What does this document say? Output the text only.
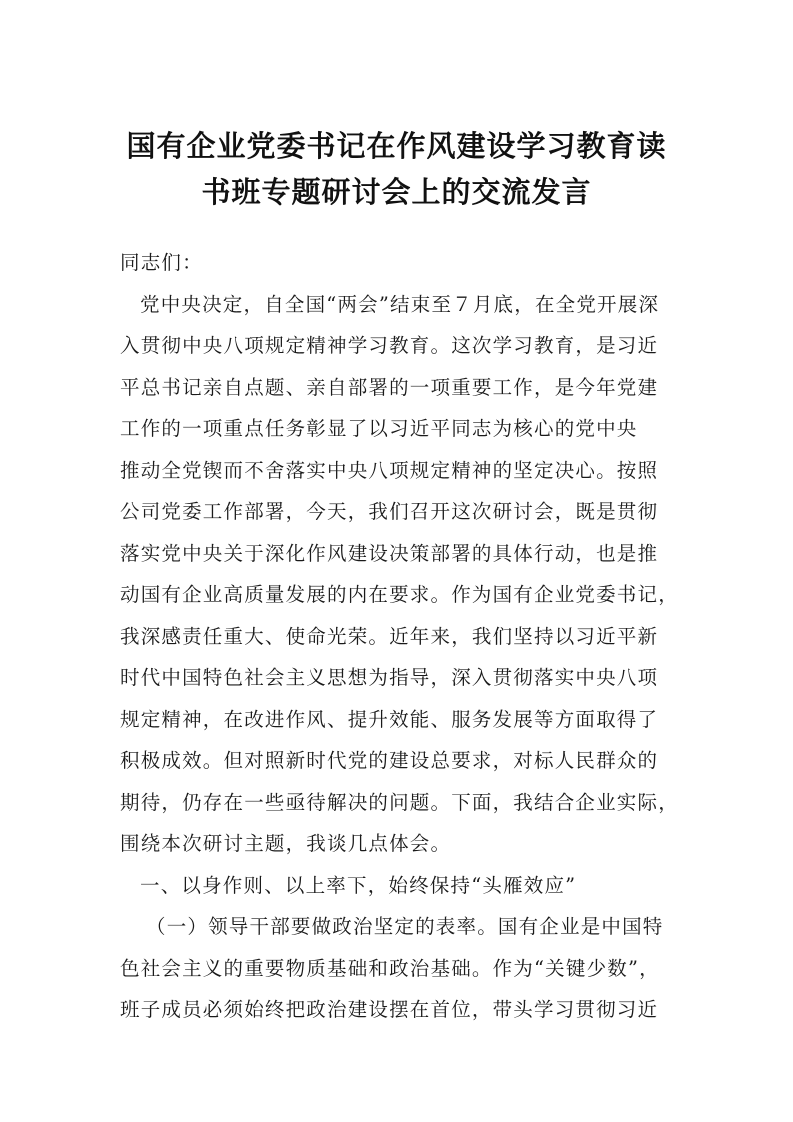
国有企业党委书记在作风建设学习教育读
书班专题研讨会上的交流发言
同志们：
党中央决定，自全国“两会”结束至７月底，在全党开展深
入贯彻中央八项规定精神学习教育。这次学习教育，是习近
平总书记亲自点题、亲自部署的一项重要工作，是今年党建
工作的一项重点任务彰显了以习近平同志为核心的党中央
推动全党锲而不舍落实中央八项规定精神的坚定决心。按照
公司党委工作部署，今天，我们召开这次研讨会，既是贯彻
落实党中央关于深化作风建设决策部署的具体行动，也是推
动国有企业高质量发展的内在要求。作为国有企业党委书记，
我深感责任重大、使命光荣。近年来，我们坚持以习近平新
时代中国特色社会主义思想为指导，深入贯彻落实中央八项
规定精神，在改进作风、提升效能、服务发展等方面取得了
积极成效。但对照新时代党的建设总要求，对标人民群众的
期待，仍存在一些亟待解决的问题。下面，我结合企业实际，
围绕本次研讨主题，我谈几点体会。
一、以身作则、以上率下，始终保持“头雁效应”
（一）领导干部要做政治坚定的表率。国有企业是中国特
色社会主义的重要物质基础和政治基础。作为“关键少数”，
班子成员必须始终把政治建设摆在首位，带头学习贯彻习近
